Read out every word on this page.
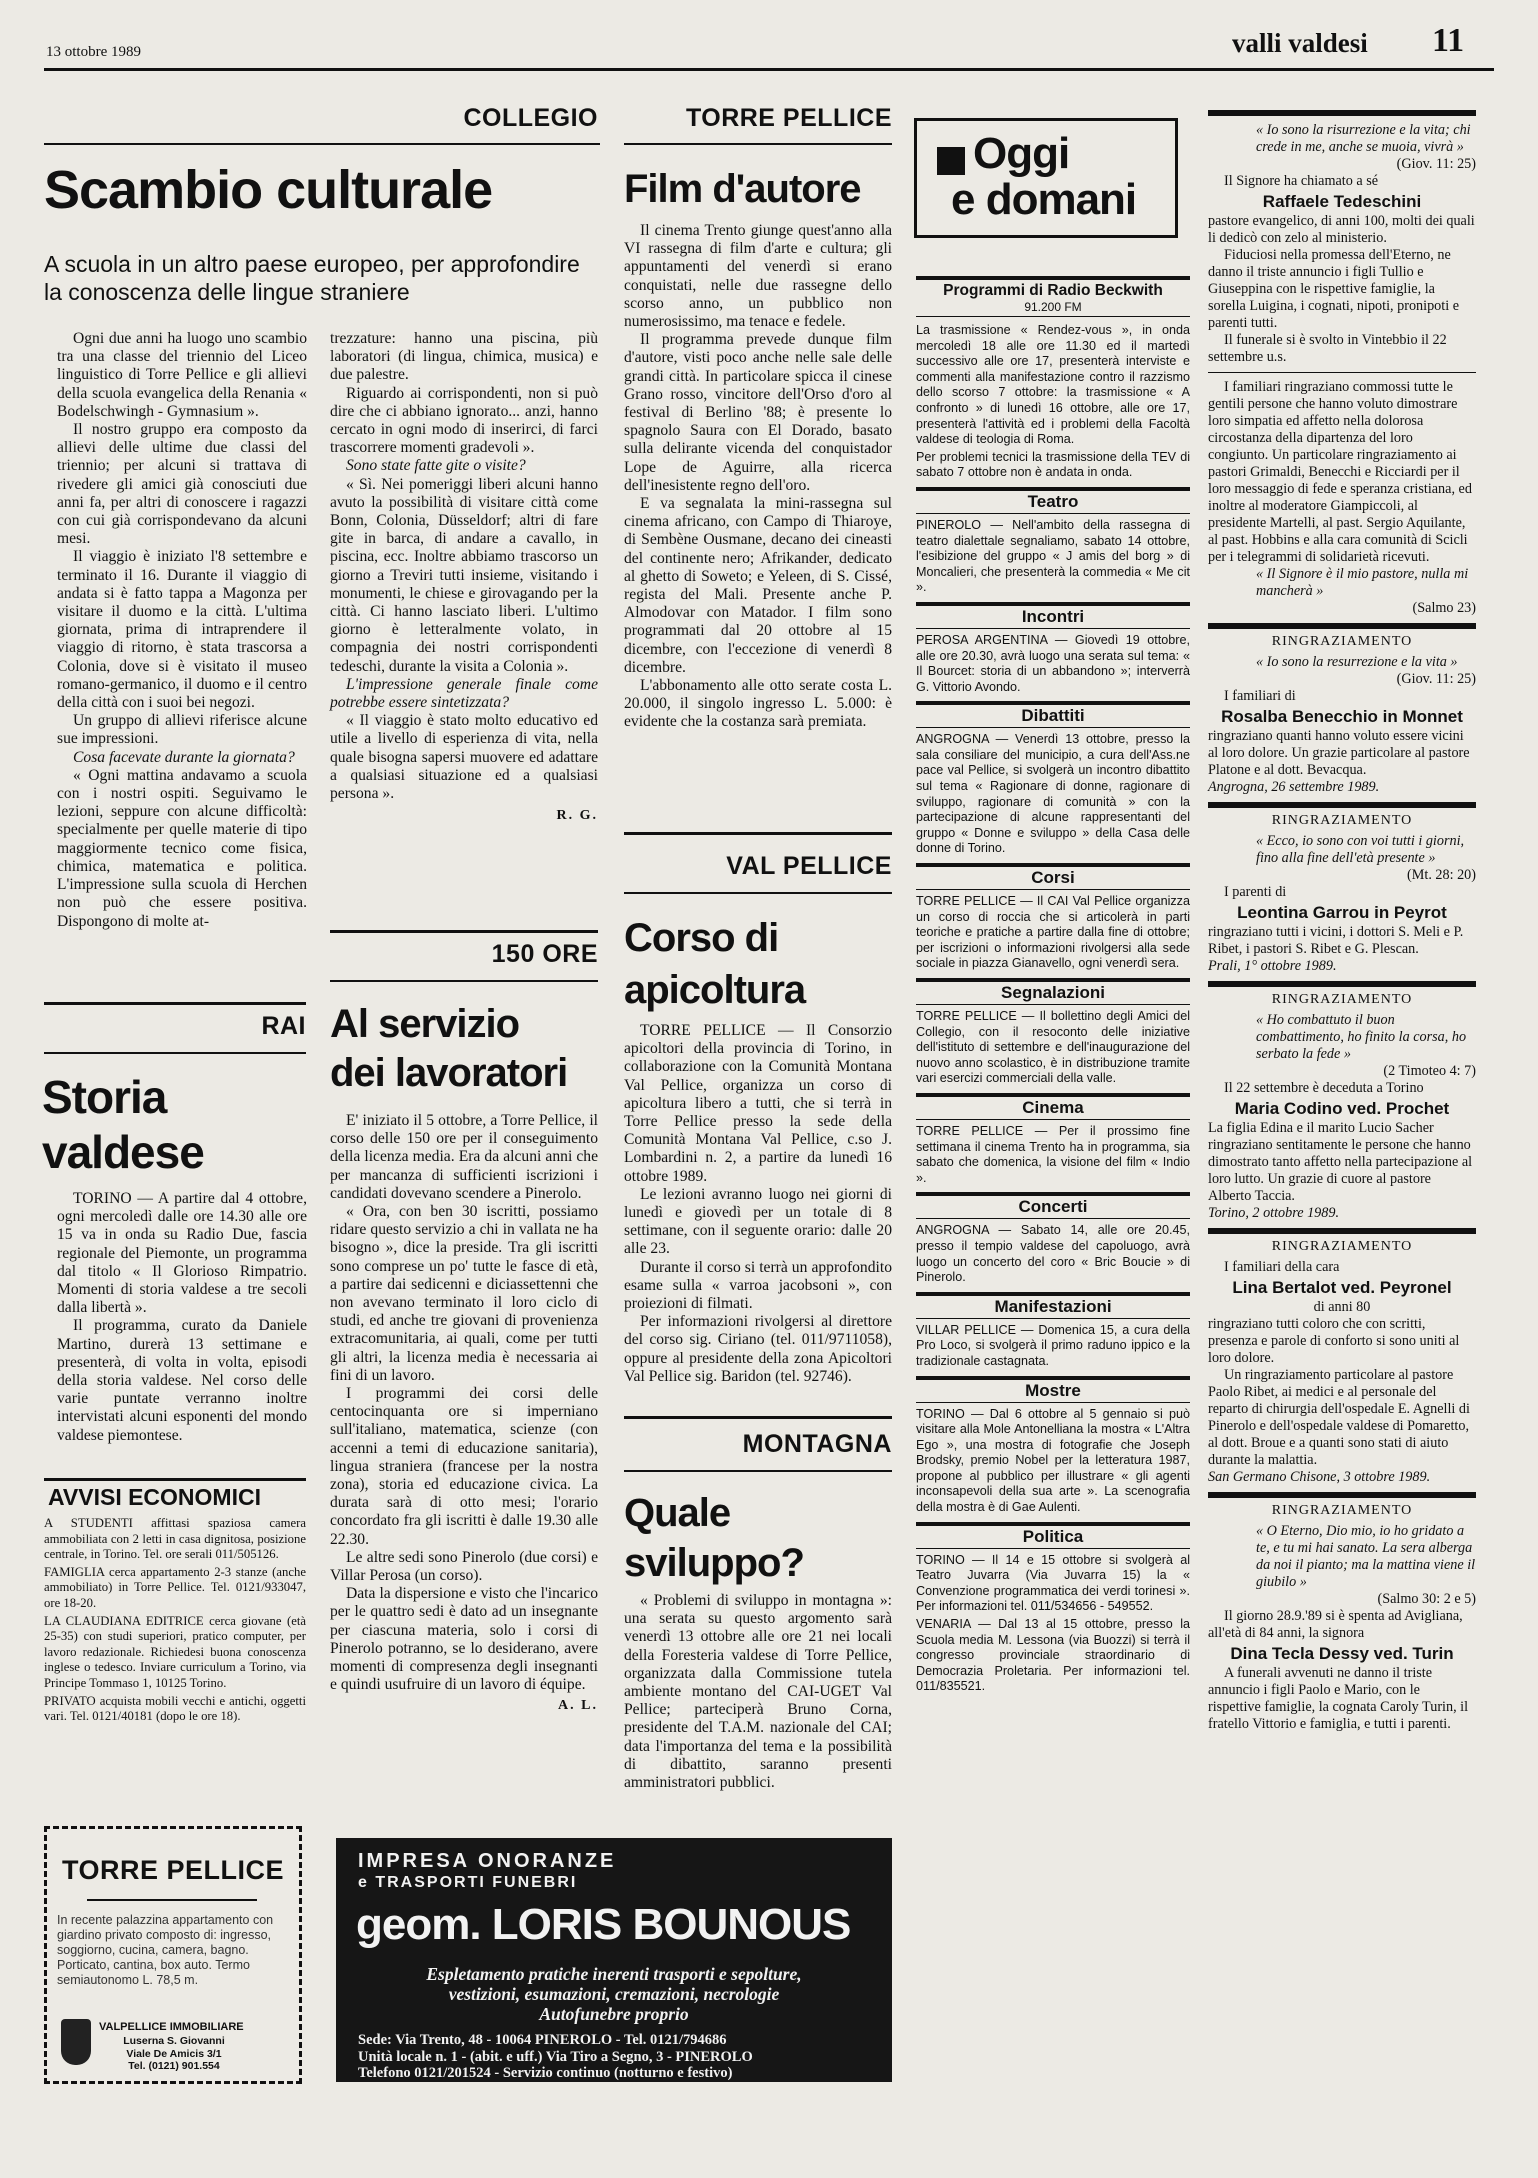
13 ottobre 1989	valli valdesi 11
COLLEGIO
Scambio culturale
A scuola in un altro paese europeo, per approfondire la conoscenza delle lingue straniere

Ogni due anni ha luogo uno scambio tra una classe del triennio del Liceo linguistico di Torre Pellice e gli allievi della scuola evangelica della Renania « Bodelschwingh - Gymnasium ».

Il nostro gruppo era composto da allievi delle ultime due classi del triennio; per alcuni si trattava di rivedere gli amici già conosciuti due anni fa, per altri di conoscere i ragazzi con cui già corrispondevano da alcuni mesi.

Il viaggio è iniziato l'8 settembre e terminato il 16. Durante il viaggio di andata si è fatto tappa a Magonza per visitare il duomo e la città. L'ultima giornata, prima di intraprendere il viaggio di ritorno, è stata trascorsa a Colonia, dove si è visitato il museo romano-germanico, il duomo e il centro della città con i suoi bei negozi.

Un gruppo di allievi riferisce alcune sue impressioni.

Cosa facevate durante la giornata?

« Ogni mattina andavamo a scuola con i nostri ospiti. Seguivamo le lezioni, seppure con alcune difficoltà: specialmente per quelle materie di tipo maggiormente tecnico come fisica, chimica, matematica e politica. L'impressione sulla scuola di Herchen non può che essere positiva. Dispongono di molte at-

trezzature: hanno una piscina, più laboratori (di lingua, chimica, musica) e due palestre.

Riguardo ai corrispondenti, non si può dire che ci abbiano ignorato... anzi, hanno cercato in ogni modo di inserirci, di farci trascorrere momenti gradevoli ».

Sono state fatte gite o visite?

« Sì. Nei pomeriggi liberi alcuni hanno avuto la possibilità di visitare città come Bonn, Colonia, Düsseldorf; altri di fare gite in barca, di andare a cavallo, in piscina, ecc. Inoltre abbiamo trascorso un giorno a Treviri tutti insieme, visitando i monumenti, le chiese e girovagando per la città. Ci hanno lasciato liberi. L'ultimo giorno è letteralmente volato, in compagnia dei nostri corrispondenti tedeschi, durante la visita a Colonia ».

L'impressione generale finale come potrebbe essere sintetizzata?

« Il viaggio è stato molto educativo ed utile a livello di esperienza di vita, nella quale bisogna sapersi muovere ed adattare a qualsiasi situazione ed a qualsiasi persona ».

R. G.
RAI
Storia
valdese

TORINO — A partire dal 4 ottobre, ogni mercoledì dalle ore 14.30 alle ore 15 va in onda su Radio Due, fascia regionale del Piemonte, un programma dal titolo « Il Glorioso Rimpatrio. Momenti di storia valdese a tre secoli dalla libertà ».

Il programma, curato da Daniele Martino, durerà 13 settimane e presenterà, di volta in volta, episodi della storia valdese. Nel corso delle varie puntate verranno inoltre intervistati alcuni esponenti del mondo valdese piemontese.

AVVISI ECONOMICI

A STUDENTI affittasi spaziosa camera ammobiliata con 2 letti in casa dignitosa, posizione centrale, in Torino. Tel. ore serali 011/505126.

FAMIGLIA cerca appartamento 2-3 stanze (anche ammobiliato) in Torre Pellice. Tel. 0121/933047, ore 18-20.

LA CLAUDIANA EDITRICE cerca giovane (età 25-35) con studi superiori, pratico computer, per lavoro redazionale. Richiedesi buona conoscenza inglese o tedesco. Inviare curriculum a Torino, via Principe Tommaso 1, 10125 Torino.

PRIVATO acquista mobili vecchi e antichi, oggetti vari. Tel. 0121/40181 (dopo le ore 18).

TORRE PELLICE
In recente palazzina appartamento con giardino privato composto di: ingresso, soggiorno, cucina, camera, bagno. Porticato, cantina, box auto. Termo semiautonomo L. 78,5 m.
VALPELLICE IMMOBILIARE
Luserna S. Giovanni
Viale De Amicis 3/1
Tel. (0121) 901.554
150 ORE
Al servizio
dei lavoratori

E' iniziato il 5 ottobre, a Torre Pellice, il corso delle 150 ore per il conseguimento della licenza media. Era da alcuni anni che per mancanza di sufficienti iscrizioni i candidati dovevano scendere a Pinerolo.

« Ora, con ben 30 iscritti, possiamo ridare questo servizio a chi in vallata ne ha bisogno », dice la preside. Tra gli iscritti sono comprese un po' tutte le fasce di età, a partire dai sedicenni e diciassettenni che non avevano terminato il loro ciclo di studi, ed anche tre giovani di provenienza extracomunitaria, ai quali, come per tutti gli altri, la licenza media è necessaria ai fini di un lavoro.

I programmi dei corsi delle centocinquanta ore si imperniano sull'italiano, matematica, scienze (con accenni a temi di educazione sanitaria), lingua straniera (francese per la nostra zona), storia ed educazione civica. La durata sarà di otto mesi; l'orario concordato fra gli iscritti è dalle 19.30 alle 22.30.

Le altre sedi sono Pinerolo (due corsi) e Villar Perosa (un corso).

Data la dispersione e visto che l'incarico per le quattro sedi è dato ad un insegnante per ciascuna materia, solo i corsi di Pinerolo potranno, se lo desiderano, avere momenti di compresenza degli insegnanti e quindi usufruire di un lavoro di équipe.

A. L.
TORRE PELLICE
Film d'autore

Il cinema Trento giunge quest'anno alla VI rassegna di film d'arte e cultura; gli appuntamenti del venerdì si erano conquistati, nelle due rassegne dello scorso anno, un pubblico non numerosissimo, ma tenace e fedele.

Il programma prevede dunque film d'autore, visti poco anche nelle sale delle grandi città. In particolare spicca il cinese Grano rosso, vincitore dell'Orso d'oro al festival di Berlino '88; è presente lo spagnolo Saura con El Dorado, basato sulla delirante vicenda del conquistador Lope de Aguirre, alla ricerca dell'inesistente regno dell'oro.

E va segnalata la mini-rassegna sul cinema africano, con Campo di Thiaroye, di Sembène Ousmane, decano dei cineasti del continente nero; Afrikander, dedicato al ghetto di Soweto; e Yeleen, di S. Cissé, regista del Mali. Presente anche P. Almodovar con Matador. I film sono programmati dal 20 ottobre al 15 dicembre, con l'eccezione di venerdì 8 dicembre.

L'abbonamento alle otto serate costa L. 20.000, il singolo ingresso L. 5.000: è evidente che la costanza sarà premiata.

VAL PELLICE
Corso di
apicoltura

TORRE PELLICE — Il Consorzio apicoltori della provincia di Torino, in collaborazione con la Comunità Montana Val Pellice, organizza un corso di apicoltura libero a tutti, che si terrà in Torre Pellice presso la sede della Comunità Montana Val Pellice, c.so J. Lombardini n. 2, a partire da lunedì 16 ottobre 1989.

Le lezioni avranno luogo nei giorni di lunedì e giovedì per un totale di 8 settimane, con il seguente orario: dalle 20 alle 23.

Durante il corso si terrà un approfondito esame sulla « varroa jacobsoni », con proiezioni di filmati.

Per informazioni rivolgersi al direttore del corso sig. Ciriano (tel. 011/9711058), oppure al presidente della zona Apicoltori Val Pellice sig. Baridon (tel. 92746).

MONTAGNA
Quale
sviluppo?

« Problemi di sviluppo in montagna »: una serata su questo argomento sarà venerdì 13 ottobre alle ore 21 nei locali della Foresteria valdese di Torre Pellice, organizzata dalla Commissione tutela ambiente montano del CAI-UGET Val Pellice; parteciperà Bruno Corna, presidente del T.A.M. nazionale del CAI; data l'importanza del tema e la possibilità di dibattito, saranno presenti amministratori pubblici.

IMPRESA ONORANZE
e TRASPORTI FUNEBRI
geom. LORIS BOUNOUS
Espletamento pratiche inerenti trasporti e sepolture,
vestizioni, esumazioni, cremazioni, necrologie
Autofunebre proprio
Sede: Via Trento, 48 - 10064 PINEROLO - Tel. 0121/794686
Unità locale n. 1 - (abit. e uff.) Via Tiro a Segno, 3 - PINEROLO
Telefono 0121/201524 - Servizio continuo (notturno e festivo)
Oggi
e domani
Programmi di Radio Beckwith
91.200 FM

La trasmissione « Rendez-vous », in onda mercoledì 18 alle ore 11.30 ed il martedì successivo alle ore 17, presenterà interviste e commenti alla manifestazione contro il razzismo dello scorso 7 ottobre: la trasmissione « A confronto » di lunedì 16 ottobre, alle ore 17, presenterà l'attività ed i problemi della Facoltà valdese di teologia di Roma.

Per problemi tecnici la trasmissione della TEV di sabato 7 ottobre non è andata in onda.

Teatro

PINEROLO — Nell'ambito della rassegna di teatro dialettale segnaliamo, sabato 14 ottobre, l'esibizione del gruppo « J amis del borg » di Moncalieri, che presenterà la commedia « Me cit ».

Incontri

PEROSA ARGENTINA — Giovedì 19 ottobre, alle ore 20.30, avrà luogo una serata sul tema: « Il Bourcet: storia di un abbandono »; interverrà G. Vittorio Avondo.

Dibattiti

ANGROGNA — Venerdì 13 ottobre, presso la sala consiliare del municipio, a cura dell'Ass.ne pace val Pellice, si svolgerà un incontro dibattito sul tema « Ragionare di donne, ragionare di sviluppo, ragionare di comunità » con la partecipazione di alcune rappresentanti del gruppo « Donne e sviluppo » della Casa delle donne di Torino.

Corsi

TORRE PELLICE — Il CAI Val Pellice organizza un corso di roccia che si articolerà in parti teoriche e pratiche a partire dalla fine di ottobre; per iscrizioni o informazioni rivolgersi alla sede sociale in piazza Gianavello, ogni venerdì sera.

Segnalazioni

TORRE PELLICE — Il bollettino degli Amici del Collegio, con il resoconto delle iniziative dell'istituto di settembre e dell'inaugurazione del nuovo anno scolastico, è in distribuzione tramite vari esercizi commerciali della valle.

Cinema

TORRE PELLICE — Per il prossimo fine settimana il cinema Trento ha in programma, sia sabato che domenica, la visione del film « Indio ».

Concerti

ANGROGNA — Sabato 14, alle ore 20.45, presso il tempio valdese del capoluogo, avrà luogo un concerto del coro « Bric Boucie » di Pinerolo.

Manifestazioni

VILLAR PELLICE — Domenica 15, a cura della Pro Loco, si svolgerà il primo raduno ippico e la tradizionale castagnata.

Mostre

TORINO — Dal 6 ottobre al 5 gennaio si può visitare alla Mole Antonelliana la mostra « L'Altra Ego », una mostra di fotografie che Joseph Brodsky, premio Nobel per la letteratura 1987, propone al pubblico per illustrare « gli agenti inconsapevoli della sua arte ». La scenografia della mostra è di Gae Aulenti.

Politica

TORINO — Il 14 e 15 ottobre si svolgerà al Teatro Juvarra (Via Juvarra 15) la « Convenzione programmatica dei verdi torinesi ». Per informazioni tel. 011/534656 - 549552.

VENARIA — Dal 13 al 15 ottobre, presso la Scuola media M. Lessona (via Buozzi) si terrà il congresso provinciale straordinario di Democrazia Proletaria. Per informazioni tel. 011/835521.

« Io sono la risurrezione e la vita; chi crede in me, anche se muoia, vivrà »

(Giov. 11: 25)

Il Signore ha chiamato a sé

Raffaele Tedeschini

pastore evangelico, di anni 100, molti dei quali li dedicò con zelo al ministerio.

Fiduciosi nella promessa dell'Eterno, ne danno il triste annuncio i figli Tullio e Giuseppina con le rispettive famiglie, la sorella Luigina, i cognati, nipoti, pronipoti e parenti tutti.

Il funerale si è svolto in Vintebbio il 22 settembre u.s.

I familiari ringraziano commossi tutte le gentili persone che hanno voluto dimostrare loro simpatia ed affetto nella dolorosa circostanza della dipartenza del loro congiunto. Un particolare ringraziamento ai pastori Grimaldi, Benecchi e Ricciardi per il loro messaggio di fede e speranza cristiana, ed inoltre al moderatore Giampiccoli, al presidente Martelli, al past. Sergio Aquilante, al past. Hobbins e alla cara comunità di Scicli per i telegrammi di solidarietà ricevuti.

« Il Signore è il mio pastore, nulla mi mancherà »

(Salmo 23)

RINGRAZIAMENTO

« Io sono la resurrezione e la vita »

(Giov. 11: 25)

I familiari di

Rosalba Benecchio in Monnet

ringraziano quanti hanno voluto essere vicini al loro dolore. Un grazie particolare al pastore Platone e al dott. Bevacqua.

Angrogna, 26 settembre 1989.

RINGRAZIAMENTO

« Ecco, io sono con voi tutti i giorni, fino alla fine dell'età presente »

(Mt. 28: 20)

I parenti di

Leontina Garrou in Peyrot

ringraziano tutti i vicini, i dottori S. Meli e P. Ribet, i pastori S. Ribet e G. Plescan.

Prali, 1° ottobre 1989.

RINGRAZIAMENTO

« Ho combattuto il buon combattimento, ho finito la corsa, ho serbato la fede »

(2 Timoteo 4: 7)

Il 22 settembre è deceduta a Torino

Maria Codino ved. Prochet

La figlia Edina e il marito Lucio Sacher ringraziano sentitamente le persone che hanno dimostrato tanto affetto nella partecipazione al loro lutto. Un grazie di cuore al pastore Alberto Taccia.

Torino, 2 ottobre 1989.

RINGRAZIAMENTO

I familiari della cara

Lina Bertalot ved. Peyronel

di anni 80

ringraziano tutti coloro che con scritti, presenza e parole di conforto si sono uniti al loro dolore.

Un ringraziamento particolare al pastore Paolo Ribet, ai medici e al personale del reparto di chirurgia dell'ospedale E. Agnelli di Pinerolo e dell'ospedale valdese di Pomaretto, al dott. Broue e a quanti sono stati di aiuto durante la malattia.

San Germano Chisone, 3 ottobre 1989.

RINGRAZIAMENTO

« O Eterno, Dio mio, io ho gridato a te, e tu mi hai sanato. La sera alberga da noi il pianto; ma la mattina viene il giubilo »

(Salmo 30: 2 e 5)

Il giorno 28.9.'89 si è spenta ad Avigliana, all'età di 84 anni, la signora

Dina Tecla Dessy ved. Turin

A funerali avvenuti ne danno il triste annuncio i figli Paolo e Mario, con le rispettive famiglie, la cognata Caroly Turin, il fratello Vittorio e famiglia, e tutti i parenti.
